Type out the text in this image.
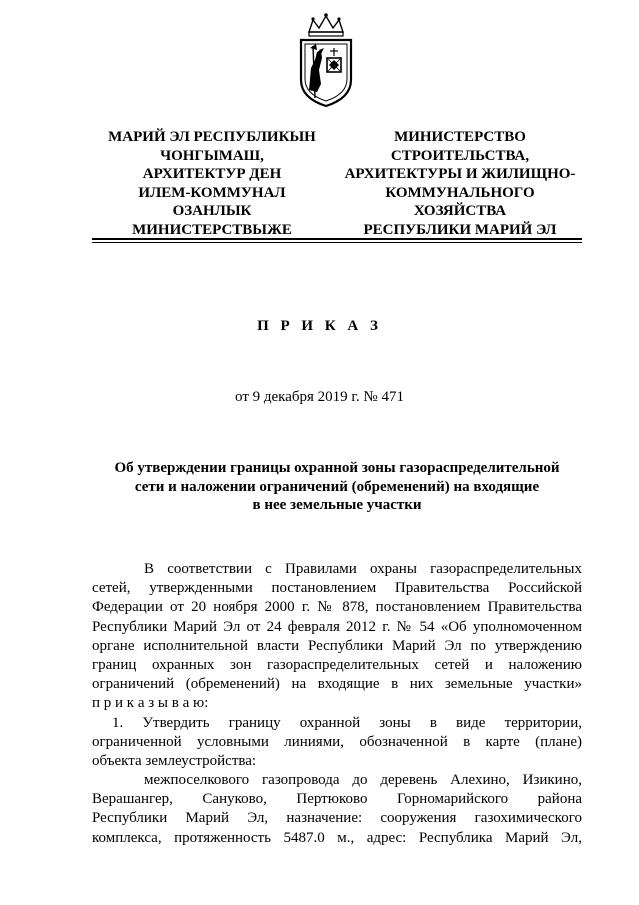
МАРИЙ ЭЛ РЕСПУБЛИКЫН
ЧОНГЫМАШ,
АРХИТЕКТУР ДЕН
ИЛЕМ-КОММУНАЛ
ОЗАНЛЫК
МИНИСТЕРСТВЫЖЕ
МИНИСТЕРСТВО
СТРОИТЕЛЬСТВА,
АРХИТЕКТУРЫ И ЖИЛИЩНО-
КОММУНАЛЬНОГО
ХОЗЯЙСТВА
РЕСПУБЛИКИ МАРИЙ ЭЛ
П Р И К А З
от 9 декабря 2019 г. № 471
Об утверждении границы охранной зоны газораспределительной
сети и наложении ограничений (обременений) на входящие
в нее земельные участки
В соответствии с Правилами охраны газораспределительных
сетей, утвержденными постановлением Правительства Российской
Федерации от 20 ноября 2000 г. № 878, постановлением Правительства
Республики Марий Эл от 24 февраля 2012 г. № 54 «Об уполномоченном
органе исполнительной власти Республики Марий Эл по утверждению
границ охранных зон газораспределительных сетей и наложению
ограничений (обременений) на входящие в них земельные участки»
п р и к а з ы в а ю:
1. Утвердить границу охранной зоны в виде территории,
ограниченной условными линиями, обозначенной в карте (плане)
объекта землеустройства:
межпоселкового газопровода до деревень Алехино, Изикино,
Верашангер, Сануково, Пертюково Горномарийского района
Республики Марий Эл, назначение: сооружения газохимического
комплекса, протяженность 5487.0 м., адрес: Республика Марий Эл,
